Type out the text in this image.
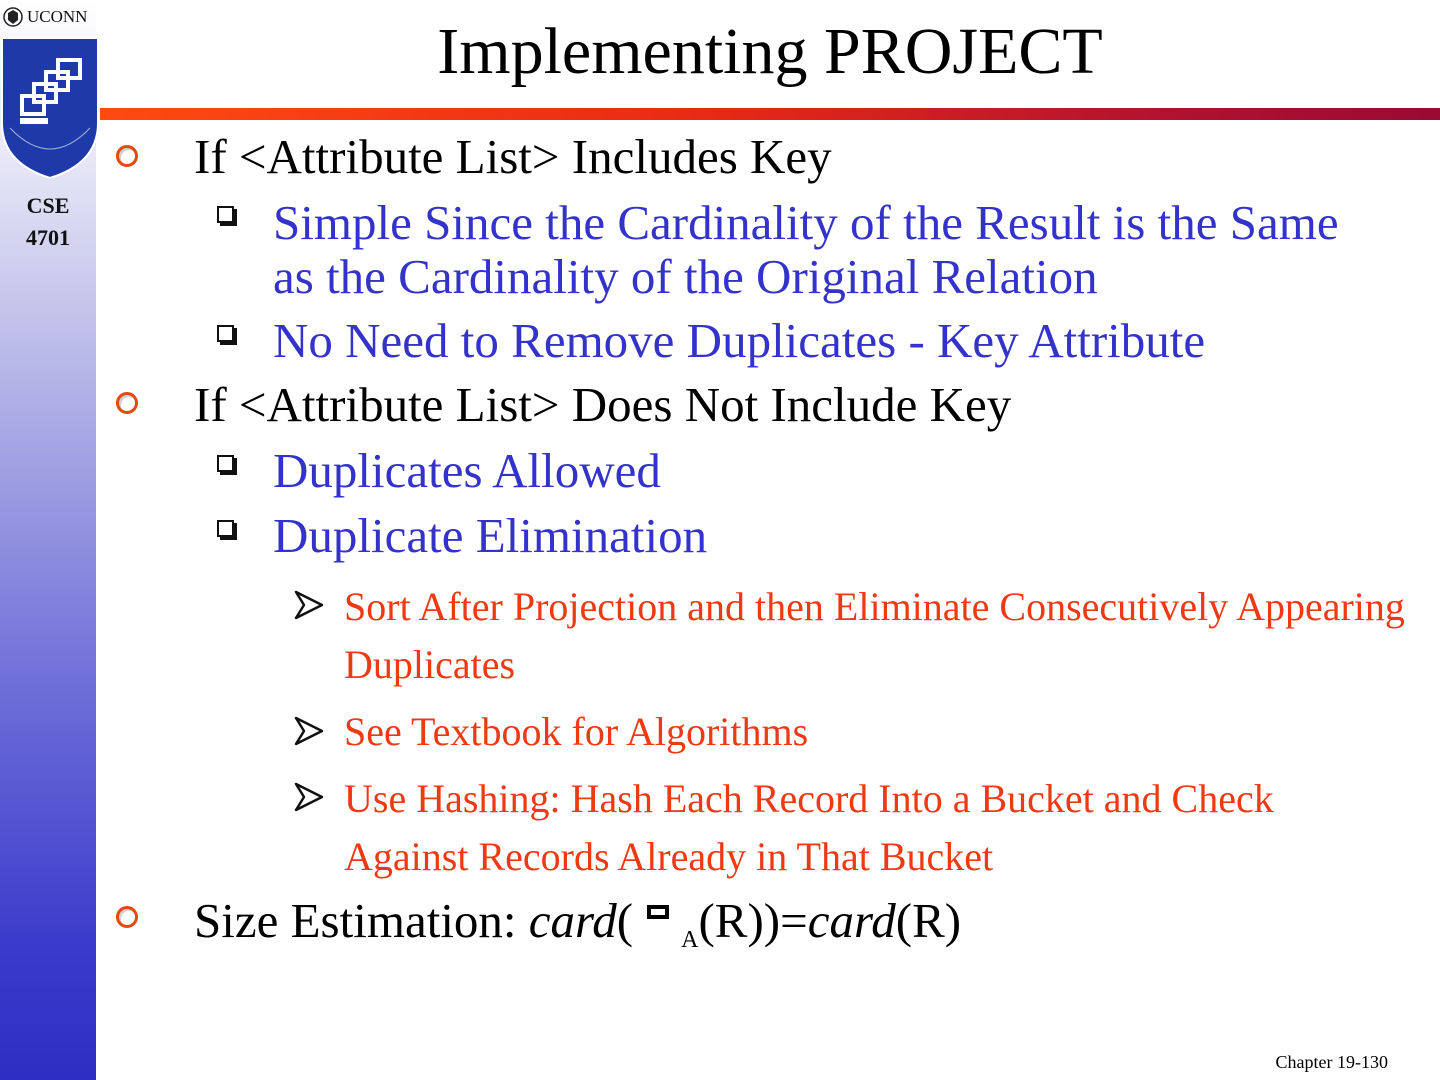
UCONN
CSE
4701
Implementing PROJECT
If <Attribute List> Includes Key
Simple Since the Cardinality of the Result is the Same as the Cardinality of the Original Relation
No Need to Remove Duplicates - Key Attribute
If <Attribute List> Does Not Include Key
Duplicates Allowed
Duplicate Elimination
Sort After Projection and then Eliminate Consecutively Appearing Duplicates
See Textbook for Algorithms
Use Hashing: Hash Each Record Into a Bucket and Check Against Records Already in That Bucket
Size Estimation: card( $_A$(R))=card(R)
Chapter 19-130
